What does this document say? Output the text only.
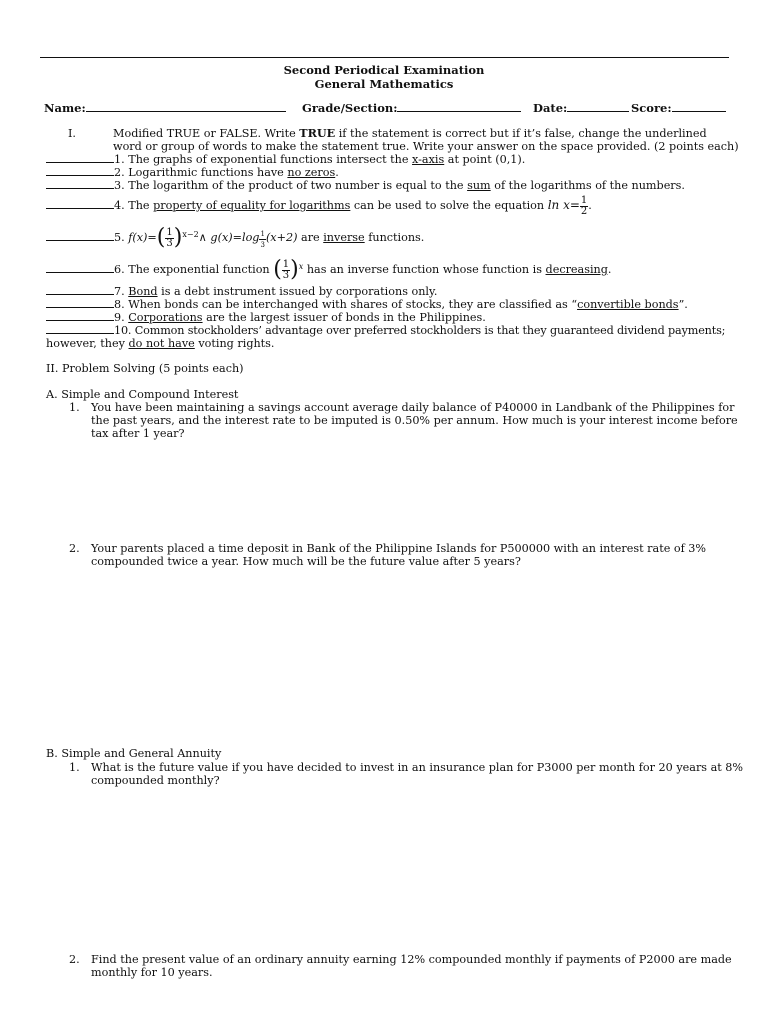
Second Periodical Examination
General Mathematics
Name:	Grade/Section:	Date:	Score:
I.	Modified TRUE or FALSE. Write TRUE if the statement is correct but if it’s false, change the underlined
word or group of words to make the statement true. Write your answer on the space provided. (2 points each)
1. The graphs of exponential functions intersect the x-axis at point (0,1).
2. Logarithmic functions have no zeros.
3. The logarithm of the product of two number is equal to the sum of the logarithms of the numbers.
4. The property of equality for logarithms can be used to solve the equation $\ln x= \frac{1}{2}$ .
5. $f(x)=( \frac{1}{3}$ )$^{x-2}\wedge$ $g(x)=\log \frac{1}{3} (x+2)$ are inverse functions.
6. The exponential function ( $\frac{1}{3} )^x$ has an inverse function whose function is decreasing.
7. Bond is a debt instrument issued by corporations only.
8. When bonds can be interchanged with shares of stocks, they are classified as “convertible bonds”.
9. Corporations are the largest issuer of bonds in the Philippines.
10. Common stockholders’ advantage over preferred stockholders is that they guaranteed dividend payments;
however, they do not have voting rights.
II. Problem Solving (5 points each)
A. Simple and Compound Interest
1. You have been maintaining a savings account average daily balance of P40000 in Landbank of the Philippines for
the past years, and the interest rate to be imputed is 0.50% per annum. How much is your interest income before
tax after 1 year?
2. Your parents placed a time deposit in Bank of the Philippine Islands for P500000 with an interest rate of 3%
compounded twice a year. How much will be the future value after 5 years?
B. Simple and General Annuity
1. What is the future value if you have decided to invest in an insurance plan for P3000 per month for 20 years at 8%
compounded monthly?
2. Find the present value of an ordinary annuity earning 12% compounded monthly if payments of P2000 are made
monthly for 10 years.
